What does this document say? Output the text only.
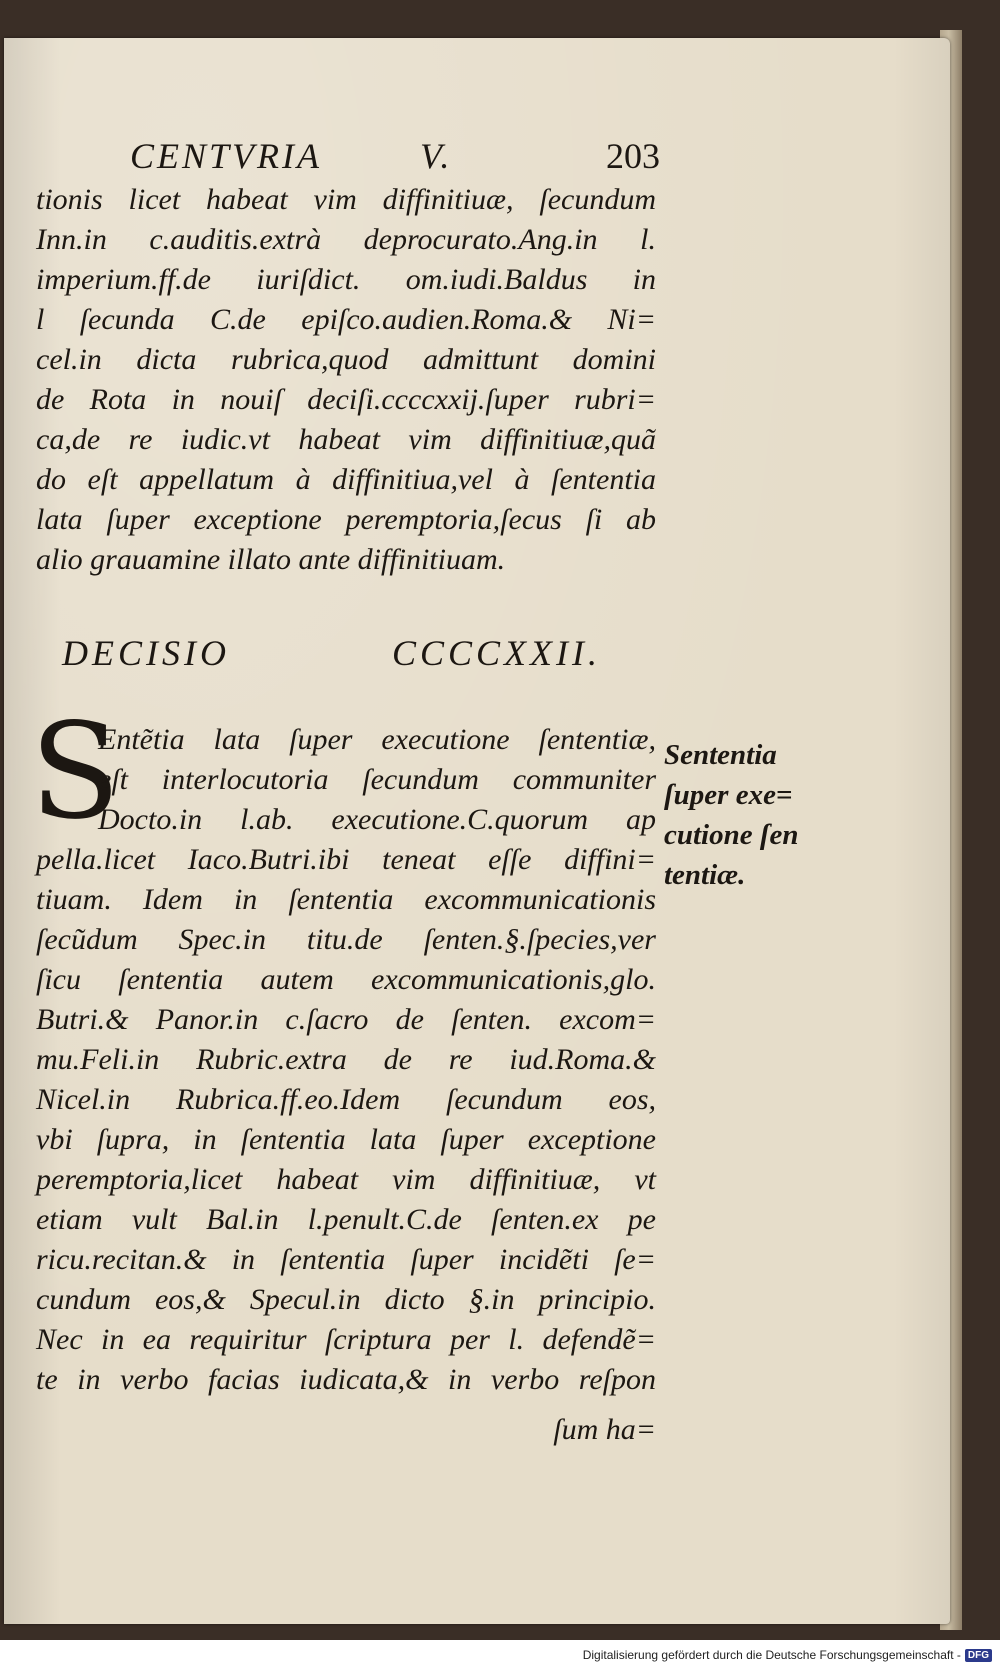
CENTVRIA	V.	203
tionis licet habeat vim diffinitiuæ, ſecundum
Inn.in c.auditis.extrà deprocurato.Ang.in l.
imperium.ff.de iuriſdict. om.iudi.Baldus in
l ſecunda C.de epiſco.audien.Roma.& Ni=
cel.in dicta rubrica,quod admittunt domini
de Rota in nouiſ deciſi.ccccxxij.ſuper rubri=
ca,de re iudic.vt habeat vim diffinitiuæ,quã
do eſt appellatum à diffinitiua,vel à ſententia
lata ſuper exceptione peremptoria,ſecus ſi ab
alio grauamine illato ante diffinitiuam.
DECISIO	CCCCXXII.
S
Entẽtia lata ſuper executione ſententiæ,
eſt interlocutoria ſecundum communiter
Docto.in l.ab. executione.C.quorum ap
pella.licet Iaco.Butri.ibi teneat eſſe diffini=
tiuam. Idem in ſententia excommunicationis
ſecũdum Spec.in titu.de ſenten.§.ſpecies,ver
ſicu ſententia autem excommunicationis,glo.
Butri.& Panor.in c.ſacro de ſenten. excom=
mu.Feli.in Rubric.extra de re iud.Roma.&
Nicel.in Rubrica.ff.eo.Idem ſecundum eos,
vbi ſupra, in ſententia lata ſuper exceptione
peremptoria,licet habeat vim diffinitiuæ, vt
etiam vult Bal.in l.penult.C.de ſenten.ex pe
ricu.recitan.& in ſententia ſuper incidẽti ſe=
cundum eos,& Specul.in dicto §.in principio.
Nec in ea requiritur ſcriptura per l. defendẽ=
te in verbo facias iudicata,& in verbo reſpon
ſum ha=
Sententia
ſuper exe=
cutione ſen
tentiæ.
Digitalisierung gefördert durch die Deutsche Forschungsgemeinschaft - DFG
